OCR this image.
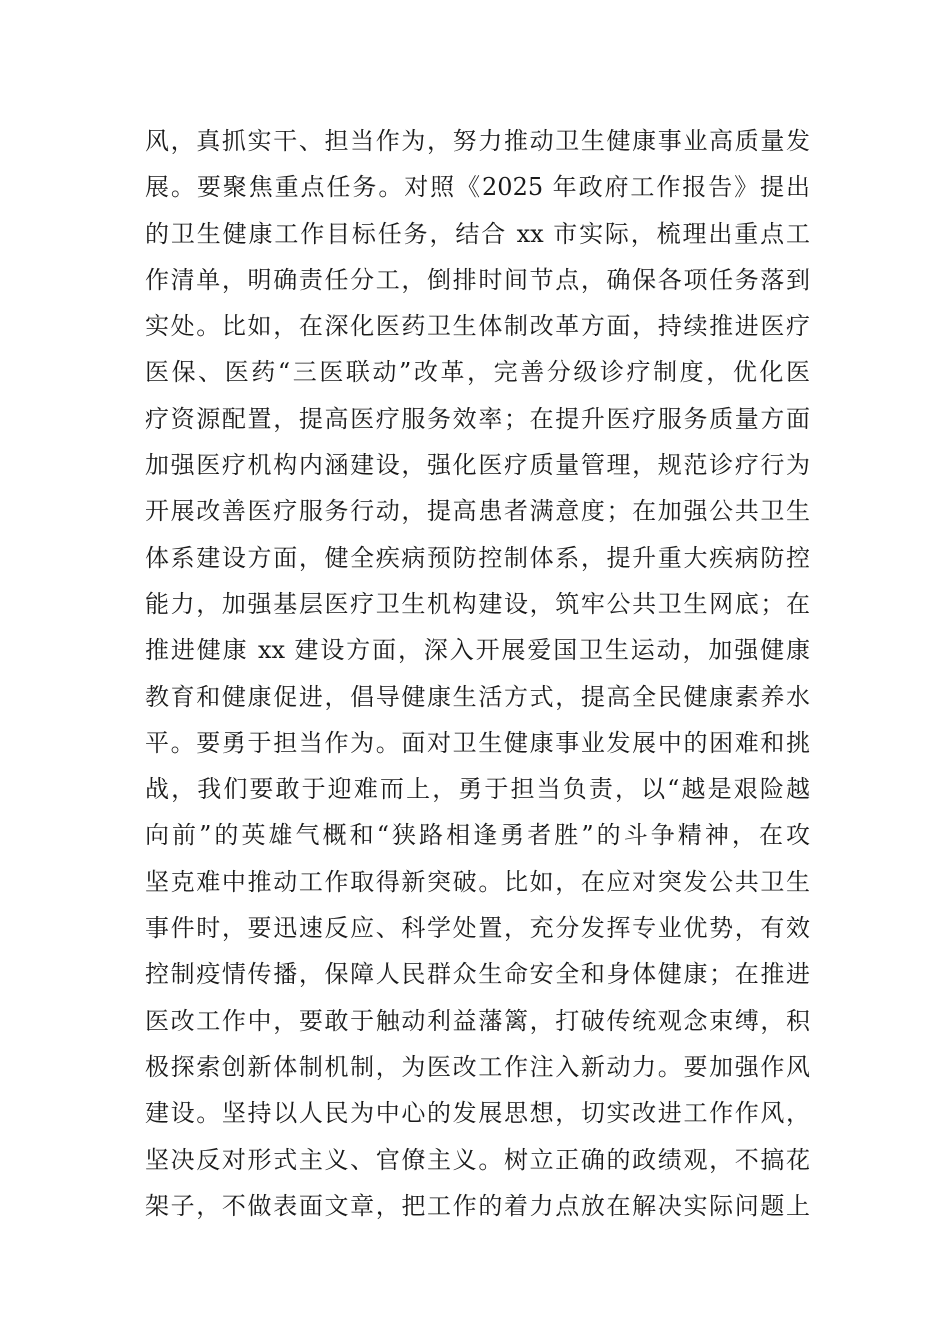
风，真抓实干、担当作为，努力推动卫生健康事业高质量发
展。要聚焦重点任务。对照《2025 年政府工作报告》提出
的卫生健康工作目标任务，结合 xx 市实际，梳理出重点工
作清单，明确责任分工，倒排时间节点，确保各项任务落到
实处。比如，在深化医药卫生体制改革方面，持续推进医疗
医保、医药“三医联动”改革，完善分级诊疗制度，优化医
疗资源配置，提高医疗服务效率；在提升医疗服务质量方面
加强医疗机构内涵建设，强化医疗质量管理，规范诊疗行为
开展改善医疗服务行动，提高患者满意度；在加强公共卫生
体系建设方面，健全疾病预防控制体系，提升重大疾病防控
能力，加强基层医疗卫生机构建设，筑牢公共卫生网底；在
推进健康 xx 建设方面，深入开展爱国卫生运动，加强健康
教育和健康促进，倡导健康生活方式，提高全民健康素养水
平。要勇于担当作为。面对卫生健康事业发展中的困难和挑
战，我们要敢于迎难而上，勇于担当负责，以“越是艰险越
向前”的英雄气概和“狭路相逢勇者胜”的斗争精神，在攻
坚克难中推动工作取得新突破。比如，在应对突发公共卫生
事件时，要迅速反应、科学处置，充分发挥专业优势，有效
控制疫情传播，保障人民群众生命安全和身体健康；在推进
医改工作中，要敢于触动利益藩篱，打破传统观念束缚，积
极探索创新体制机制，为医改工作注入新动力。要加强作风
建设。坚持以人民为中心的发展思想，切实改进工作作风，
坚决反对形式主义、官僚主义。树立正确的政绩观，不搞花
架子，不做表面文章，把工作的着力点放在解决实际问题上
